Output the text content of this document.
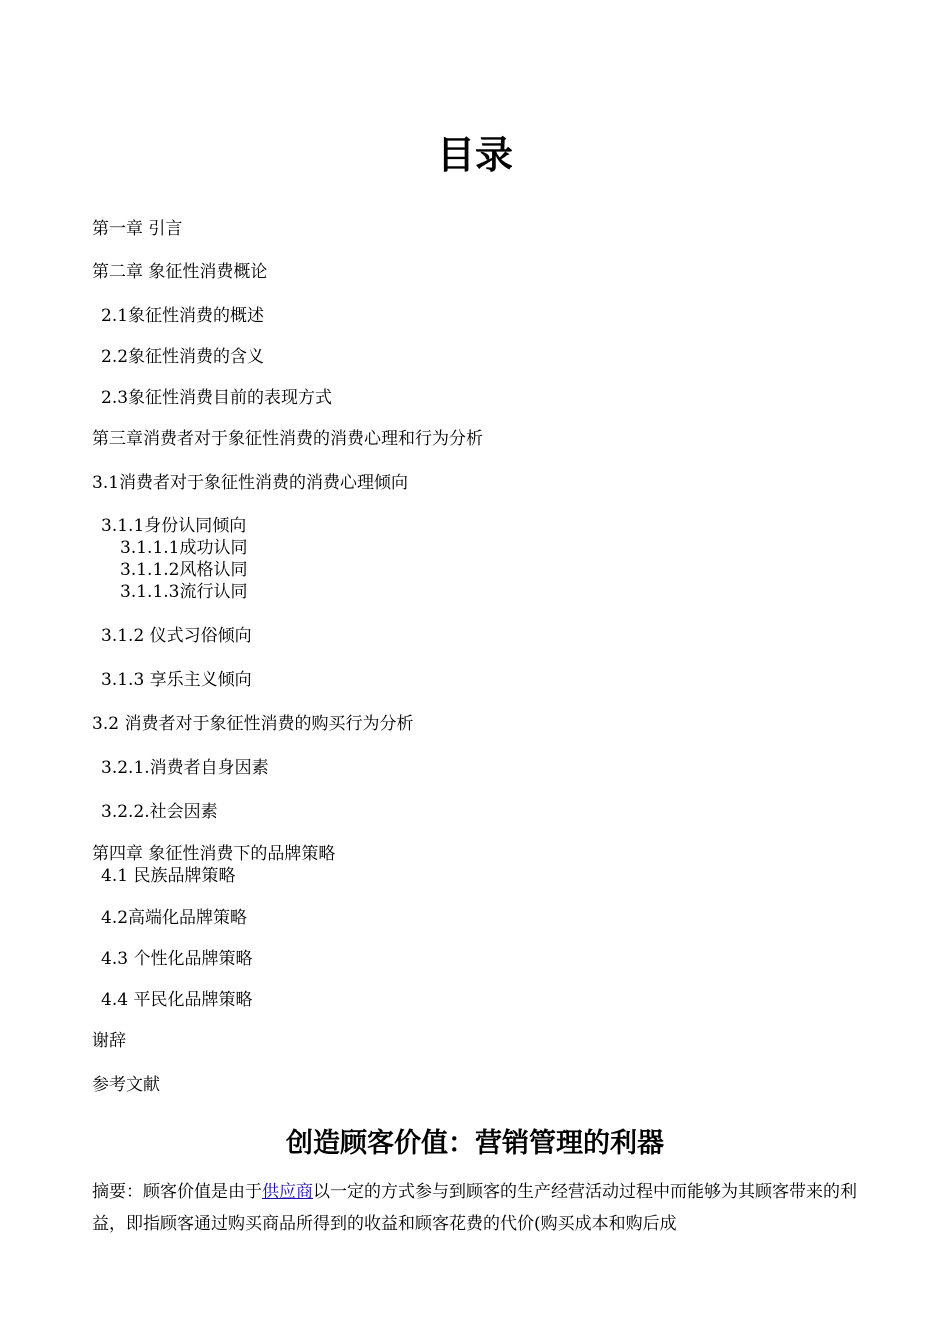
目录
第一章 引言
第二章 象征性消费概论
2.1象征性消费的概述
2.2象征性消费的含义
2.3象征性消费目前的表现方式
第三章消费者对于象征性消费的消费心理和行为分析
3.1消费者对于象征性消费的消费心理倾向
3.1.1身份认同倾向
3.1.1.1成功认同
3.1.1.2风格认同
3.1.1.3流行认同
3.1.2 仪式习俗倾向
3.1.3 享乐主义倾向
3.2 消费者对于象征性消费的购买行为分析
3.2.1.消费者自身因素
3.2.2.社会因素
第四章 象征性消费下的品牌策略
4.1 民族品牌策略
4.2高端化品牌策略
4.3 个性化品牌策略
4.4 平民化品牌策略
谢辞
参考文献
创造顾客价值：营销管理的利器
摘要：顾客价值是由于供应商以一定的方式参与到顾客的生产经营活动过程中而能够为其顾客带来的利益，即指顾客通过购买商品所得到的收益和顾客花费的代价(购买成本和购后成
